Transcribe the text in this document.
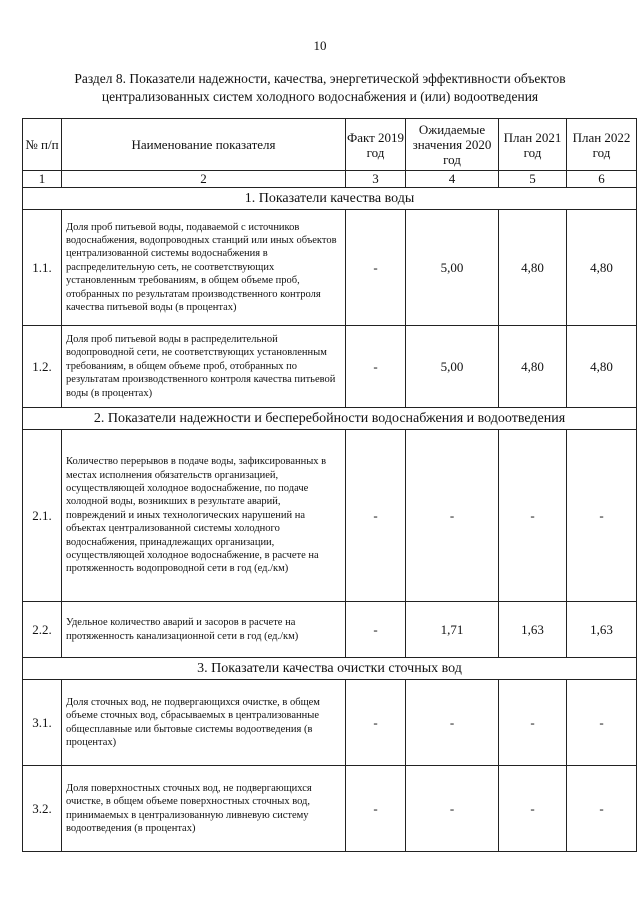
10
Раздел 8. Показатели надежности, качества, энергетической эффективности объектов
централизованных систем холодного водоснабжения и (или) водоотведения
№ п/п	Наименование показателя	Факт 2019 год	Ожидаемые значения 2020 год	План 2021 год	План 2022 год
1	2	3	4	5	6
1. Показатели качества воды					
1.1.	Доля проб питьевой воды, подаваемой с источников водоснабжения, водопроводных станций или иных объектов централизованной системы водоснабжения в распределительную сеть, не соответствующих установленным требованиям, в общем объеме проб, отобранных по результатам производственного контроля качества питьевой воды (в процентах)	-	5,00	4,80	4,80
1.2.	Доля проб питьевой воды в распределительной водопроводной сети, не соответствующих установленным требованиям, в общем объеме проб, отобранных по результатам производственного контроля качества питьевой воды (в процентах)	-	5,00	4,80	4,80
2. Показатели надежности и бесперебойности водоснабжения и водоотведения					
2.1.	Количество перерывов в подаче воды, зафиксированных в местах исполнения обязательств организацией, осуществляющей холодное водоснабжение, по подаче холодной воды, возникших в результате аварий, повреждений и иных технологических нарушений на объектах централизованной системы холодного водоснабжения, принадлежащих организации, осуществляющей холодное водоснабжение, в расчете на протяженность водопроводной сети в год (ед./км)	-	-	-	-
2.2.	Удельное количество аварий и засоров в расчете на протяженность канализационной сети в год (ед./км)	-	1,71	1,63	1,63
3. Показатели качества очистки сточных вод					
3.1.	Доля сточных вод, не подвергающихся очистке, в общем объеме сточных вод, сбрасываемых в централизованные общесплавные или бытовые системы водоотведения (в процентах)	-	-	-	-
3.2.	Доля поверхностных сточных вод, не подвергающихся очистке, в общем объеме поверхностных сточных вод, принимаемых в централизованную ливневую систему водоотведения (в процентах)	-	-	-	-
